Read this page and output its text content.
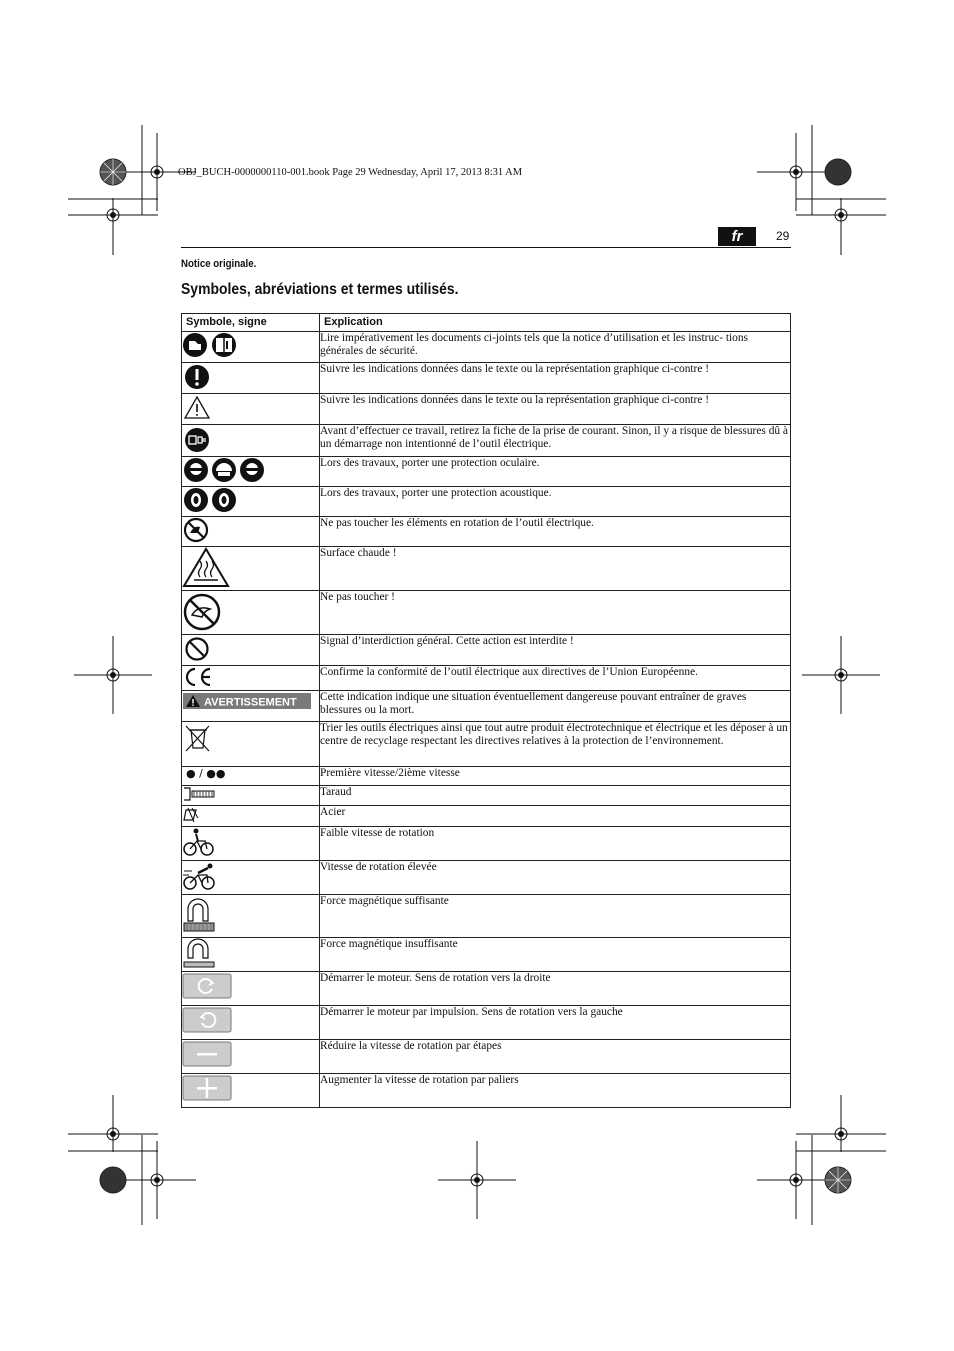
OBJ_BUCH-0000000110-001.book Page 29 Wednesday, April 17, 2013 8:31 AM
fr	29
Notice originale.
Symboles, abréviations et termes utilisés.
Symbole, signe	Explication

	Lire impérativement les documents ci-joints tels que la notice d’utilisation et les instruc- tions générales de sécurité.

	Suivre les indications données dans le texte ou la représentation graphique ci-contre !

	Suivre les indications données dans le texte ou la représentation graphique ci-contre !

	Avant d’effectuer ce travail, retirez la fiche de la prise de courant. Sinon, il y a risque de blessures dû à un démarrage non intentionné de l’outil électrique.

	Lors des travaux, porter une protection oculaire.

	Lors des travaux, porter une protection acoustique.

	Ne pas toucher les éléments en rotation de l’outil électrique.

	Surface chaude !

	Ne pas toucher !

	Signal d’interdiction général. Cette action est interdite !

	Confirme la conformité de l’outil électrique aux directives de l’Union Européenne.

AVERTISSEMENT	Cette indication indique une situation éventuellement dangereuse pouvant entraîner de graves blessures ou la mort.

	Trier les outils électriques ainsi que tout autre produit électrotechnique et électrique et les déposer à un centre de recyclage respectant les directives relatives à la protection de l’environnement.

● / ●●	Première vitesse/2ième vitesse

	Taraud

	Acier

	Faible vitesse de rotation

	Vitesse de rotation élevée

	Force magnétique suffisante

	Force magnétique insuffisante

	Démarrer le moteur. Sens de rotation vers la droite

	Démarrer le moteur par impulsion. Sens de rotation vers la gauche

	Réduire la vitesse de rotation par étapes

	Augmenter la vitesse de rotation par paliers
